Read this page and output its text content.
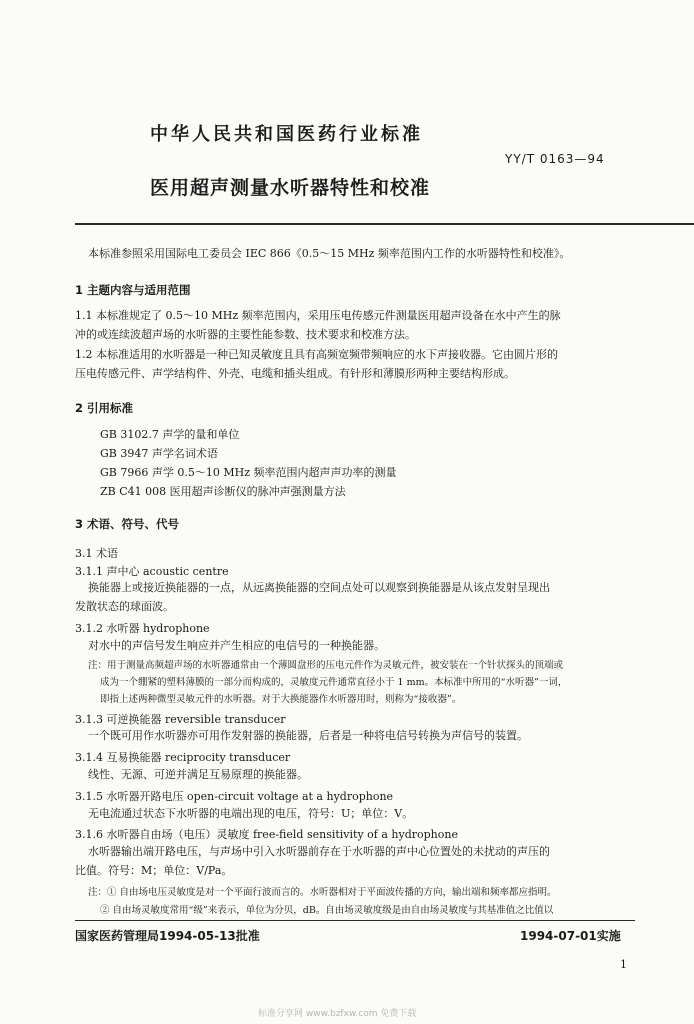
中华人民共和国医药行业标准
YY/T 0163—94
医用超声测量水听器特性和校准
本标准参照采用国际电工委员会 IEC 866《0.5～15 MHz 频率范围内工作的水听器特性和校准》。
1 主题内容与适用范围
1.1 本标准规定了 0.5～10 MHz 频率范围内，采用压电传感元件测量医用超声设备在水中产生的脉
冲的或连续波超声场的水听器的主要性能参数、技术要求和校准方法。
1.2 本标准适用的水听器是一种已知灵敏度且具有高频宽频带频响应的水下声接收器。它由圆片形的
压电传感元件、声学结构件、外壳、电缆和插头组成。有针形和薄膜形两种主要结构形成。
2 引用标准
GB 3102.7 声学的量和单位
GB 3947 声学名词术语
GB 7966 声学 0.5～10 MHz 频率范围内超声声功率的测量
ZB C41 008 医用超声诊断仪的脉冲声强测量方法
3 术语、符号、代号
3.1 术语
3.1.1 声中心 acoustic centre
换能器上或接近换能器的一点，从远离换能器的空间点处可以观察到换能器是从该点发射呈现出
发散状态的球面波。
3.1.2 水听器 hydrophone
对水中的声信号发生响应并产生相应的电信号的一种换能器。
注：用于测量高频超声场的水听器通常由一个薄圆盘形的压电元件作为灵敏元件，被安装在一个针状探头的顶端或
成为一个绷紧的塑料薄膜的一部分而构成的，灵敏度元件通常直径小于 1 mm。本标准中所用的“水听器”一词，
即指上述两种微型灵敏元件的水听器。对于大换能器作水听器用时，则称为“接收器”。
3.1.3 可逆换能器 reversible transducer
一个既可用作水听器亦可用作发射器的换能器，后者是一种将电信号转换为声信号的装置。
3.1.4 互易换能器 reciprocity transducer
线性、无源、可逆并满足互易原理的换能器。
3.1.5 水听器开路电压 open-circuit voltage at a hydrophone
无电流通过状态下水听器的电端出现的电压，符号：U；单位：V。
3.1.6 水听器自由场（电压）灵敏度 free-field sensitivity of a hydrophone
水听器输出端开路电压，与声场中引入水听器前存在于水听器的声中心位置处的未扰动的声压的
比值。符号：M；单位：V/Pa。
注：① 自由场电压灵敏度是对一个平面行波而言的。水听器相对于平面波传播的方向，输出端和频率都应指明。
② 自由场灵敏度常用“级”来表示，单位为分贝，dB。自由场灵敏度级是由自由场灵敏度与其基准值之比值以
国家医药管理局1994-05-13批准	1994-07-01实施
1
标准分享网 www.bzfxw.com 免费下载
